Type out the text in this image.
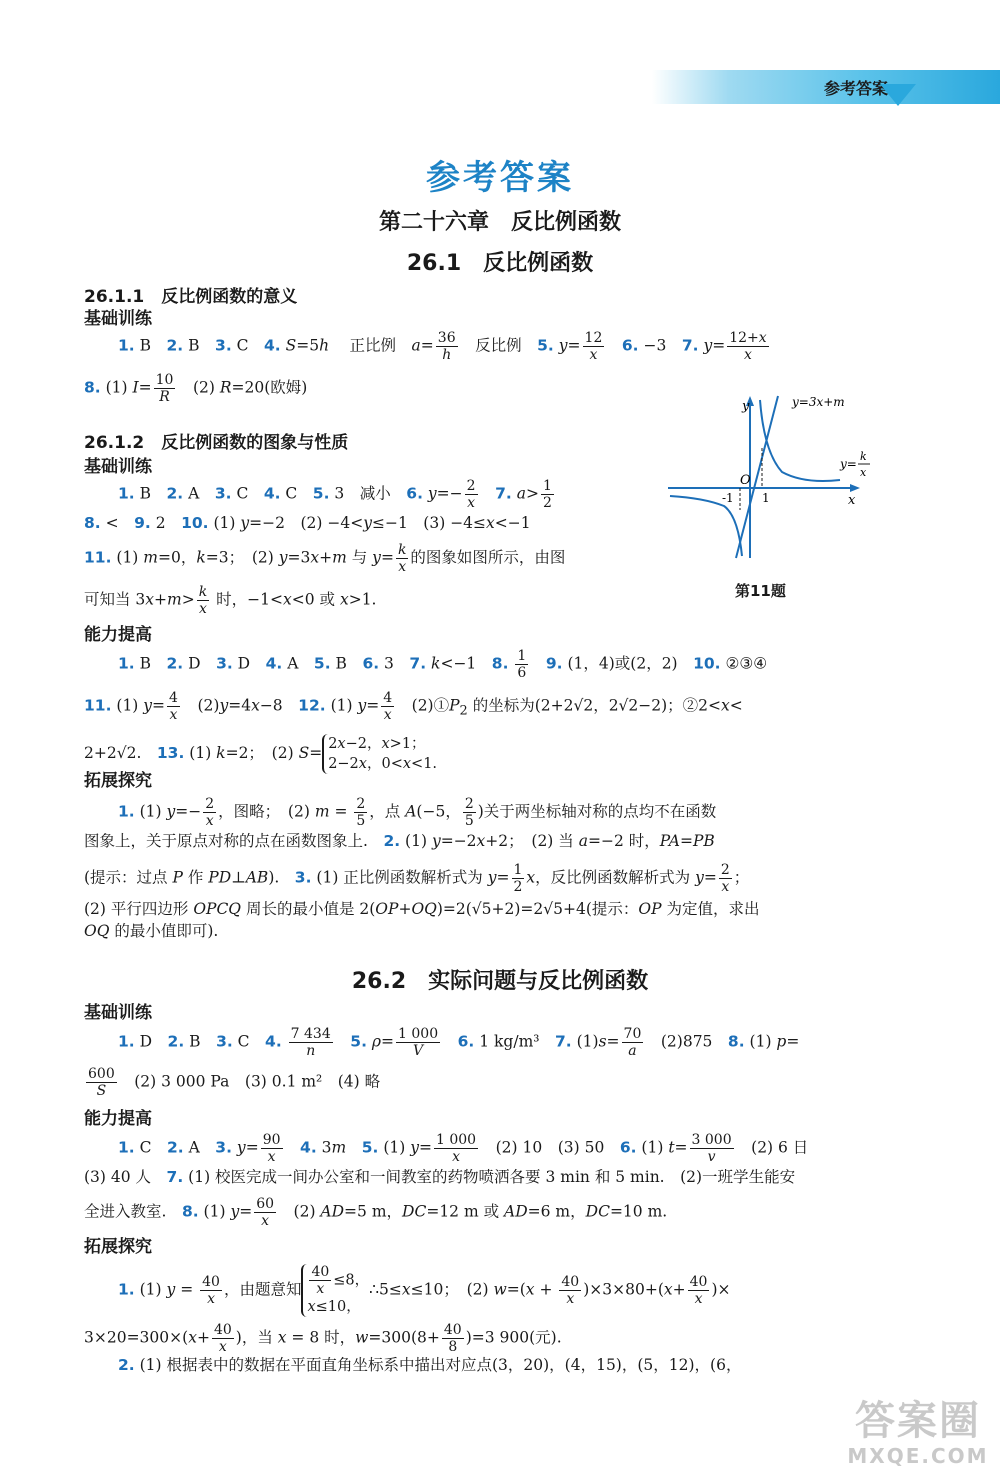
参考答案
参考答案
第二十六章　反比例函数
26.1　反比例函数
26.1.1　反比例函数的意义
基础训练
1. B　2. B　3. C　4. S=5h　 正比例　$a= \frac{36}{h}$ 　反比例　5. $y= \frac{12}{x}$
　 6. −3　7. $y= \frac{12+x}{x}$
8. (1) $I= \frac{10}{R}$ 　(2) R=20(欧姆)
26.1.2　反比例函数的图象与性质
基础训练
1. B　2. A　3. C　4. C　5. 3　减小　6. $y=- \frac{2}{x}$
　 7. $a> \frac{1}{2}$
8. <　9. 2　10. (1) y=−2　(2) −4<y≤−1　(3) −4≤x<−1
11. (1) m=0，k=3；　(2) y=3x+m 与 $y= \frac{k}{x}$ 的图象如图所示，由图
可知当 $3x+m> \frac{k}{x}$ 时，−1<x<0 或 x>1.
y
x
O
-1 1
y=3x+m
y=
k
x
第11题
能力提高
1. B　2. D　3. D　4. A　5. B　6. 3　7. k<−1　8. $\frac{1}{6}$
　 9. (1，4)或(2，2)　10. ②③④
11. (1) $y= \frac{4}{x}$ 　(2)y=4x−8　12. (1) $y= \frac{4}{x}$ 　$(2)①P_2$ 的坐标为(2+2√2，2√2−2)；②2<x<
2+2√2.　13. (1) k=2；　(2) S= 2x−2，x>1；
2−2x，0<x<1.
拓展探究
1. (1) $y=- \frac{2}{x}$ ，图略；　(2) $m = \frac{2}{5}$ ，点 A(−5， $\frac{2}{5}$ )关于两坐标轴对称的点均不在函数
图象上，关于原点对称的点在函数图象上.　2. (1) y=−2x+2；　(2) 当 a=−2 时，PA=PB
(提示：过点 P 作 PD⊥AB).　3. (1) 正比例函数解析式为 $y= \frac{1}{2}$ x，反比例函数解析式为 $y= \frac{2}{x}$ ；
(2) 平行四边形 OPCQ 周长的最小值是 2(OP+OQ)=2(√5+2)=2√5+4(提示：OP 为定值，求出
OQ 的最小值即可).
26.2　实际问题与反比例函数
基础训练
1. D　2. B　3. C　4. $\frac{7 434}{n}$
　 5. $\rho= \frac{1 000}{V}$
　 6. 1 kg/m³　7. $(1)s= \frac{70}{a}$ 　(2)875　8. (1) p=
$\frac{600}{S}$ 　(2) 3 000 Pa　(3) 0.1 m²　(4) 略
能力提高
1. C　2. A　3. $y= \frac{90}{x}$
　 4. 3m　 5. (1) $y= \frac{1 000}{x}$ 　(2) 10　(3) 50　6. (1) $t= \frac{3 000}{v}$ 　(2) 6 日
(3) 40 人　7. (1) 校医完成一间办公室和一间教室的药物喷洒各要 3 min 和 5 min.　(2)一班学生能安
全进入教室.　8. (1) $y= \frac{60}{x}$ 　(2) AD=5 m，DC=12 m 或 AD=6 m，DC=10 m.
拓展探究
1. (1) $y = \frac{40}{x}$ ，由题意知 $\frac{40}{x} \le 8$，
x≤10，∴5≤x≤10；　(2) $w=(x + \frac{40}{x} )\times 3\times 80+(x+ \frac{40}{x}$ )×
$3\times 20=300\times(x+ \frac{40}{x}$ )，当 x = 8 时，$w=300(8+ \frac{40}{8} )=3$ 900(元).
2. (1) 根据表中的数据在平面直角坐标系中描出对应点(3，20)，(4，15)，(5，12)，(6，
答案圈
MXQE.COM
